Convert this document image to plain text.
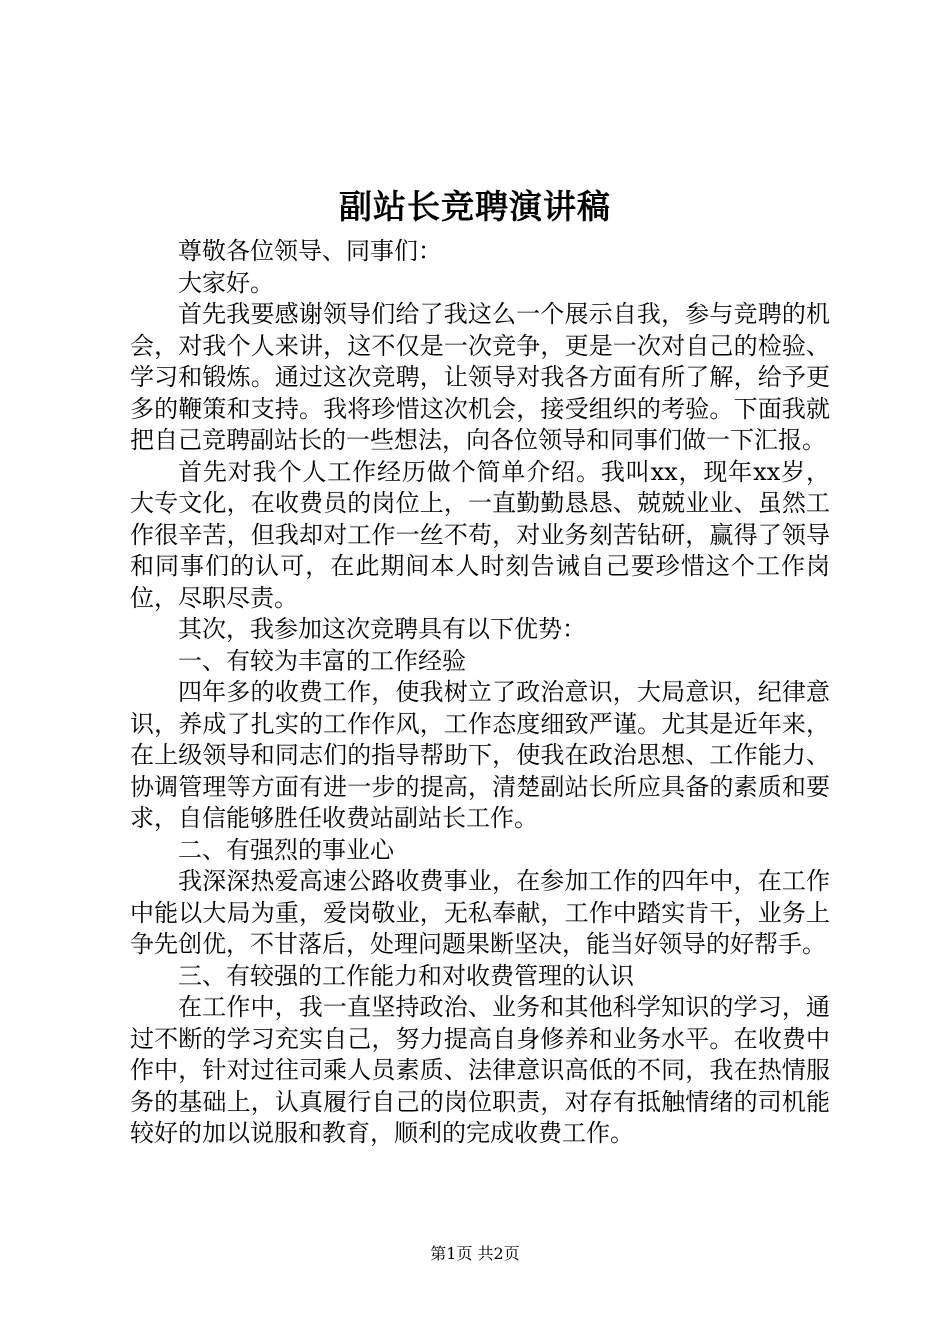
副站长竞聘演讲稿

尊敬各位领导、同事们：

大家好。

首先我要感谢领导们给了我这么一个展示自我，参与竞聘的机会，对我个人来讲，这不仅是一次竞争，更是一次对自己的检验、学习和锻炼。通过这次竞聘，让领导对我各方面有所了解，给予更多的鞭策和支持。我将珍惜这次机会，接受组织的考验。下面我就把自己竞聘副站长的一些想法，向各位领导和同事们做一下汇报。

首先对我个人工作经历做个简单介绍。我叫xx，现年xx岁，大专文化，在收费员的岗位上，一直勤勤恳恳、兢兢业业、虽然工作很辛苦，但我却对工作一丝不苟，对业务刻苦钻研，赢得了领导和同事们的认可，在此期间本人时刻告诫自己要珍惜这个工作岗位，尽职尽责。

其次，我参加这次竞聘具有以下优势：

一、有较为丰富的工作经验

四年多的收费工作，使我树立了政治意识，大局意识，纪律意识，养成了扎实的工作作风，工作态度细致严谨。尤其是近年来，在上级领导和同志们的指导帮助下，使我在政治思想、工作能力、协调管理等方面有进一步的提高，清楚副站长所应具备的素质和要求，自信能够胜任收费站副站长工作。

二、有强烈的事业心

我深深热爱高速公路收费事业，在参加工作的四年中，在工作中能以大局为重，爱岗敬业，无私奉献，工作中踏实肯干，业务上争先创优，不甘落后，处理问题果断坚决，能当好领导的好帮手。

三、有较强的工作能力和对收费管理的认识

在工作中，我一直坚持政治、业务和其他科学知识的学习，通过不断的学习充实自己，努力提高自身修养和业务水平。在收费中作中，针对过往司乘人员素质、法律意识高低的不同，我在热情服务的基础上，认真履行自己的岗位职责，对存有抵触情绪的司机能较好的加以说服和教育，顺利的完成收费工作。

第1页 共2页
